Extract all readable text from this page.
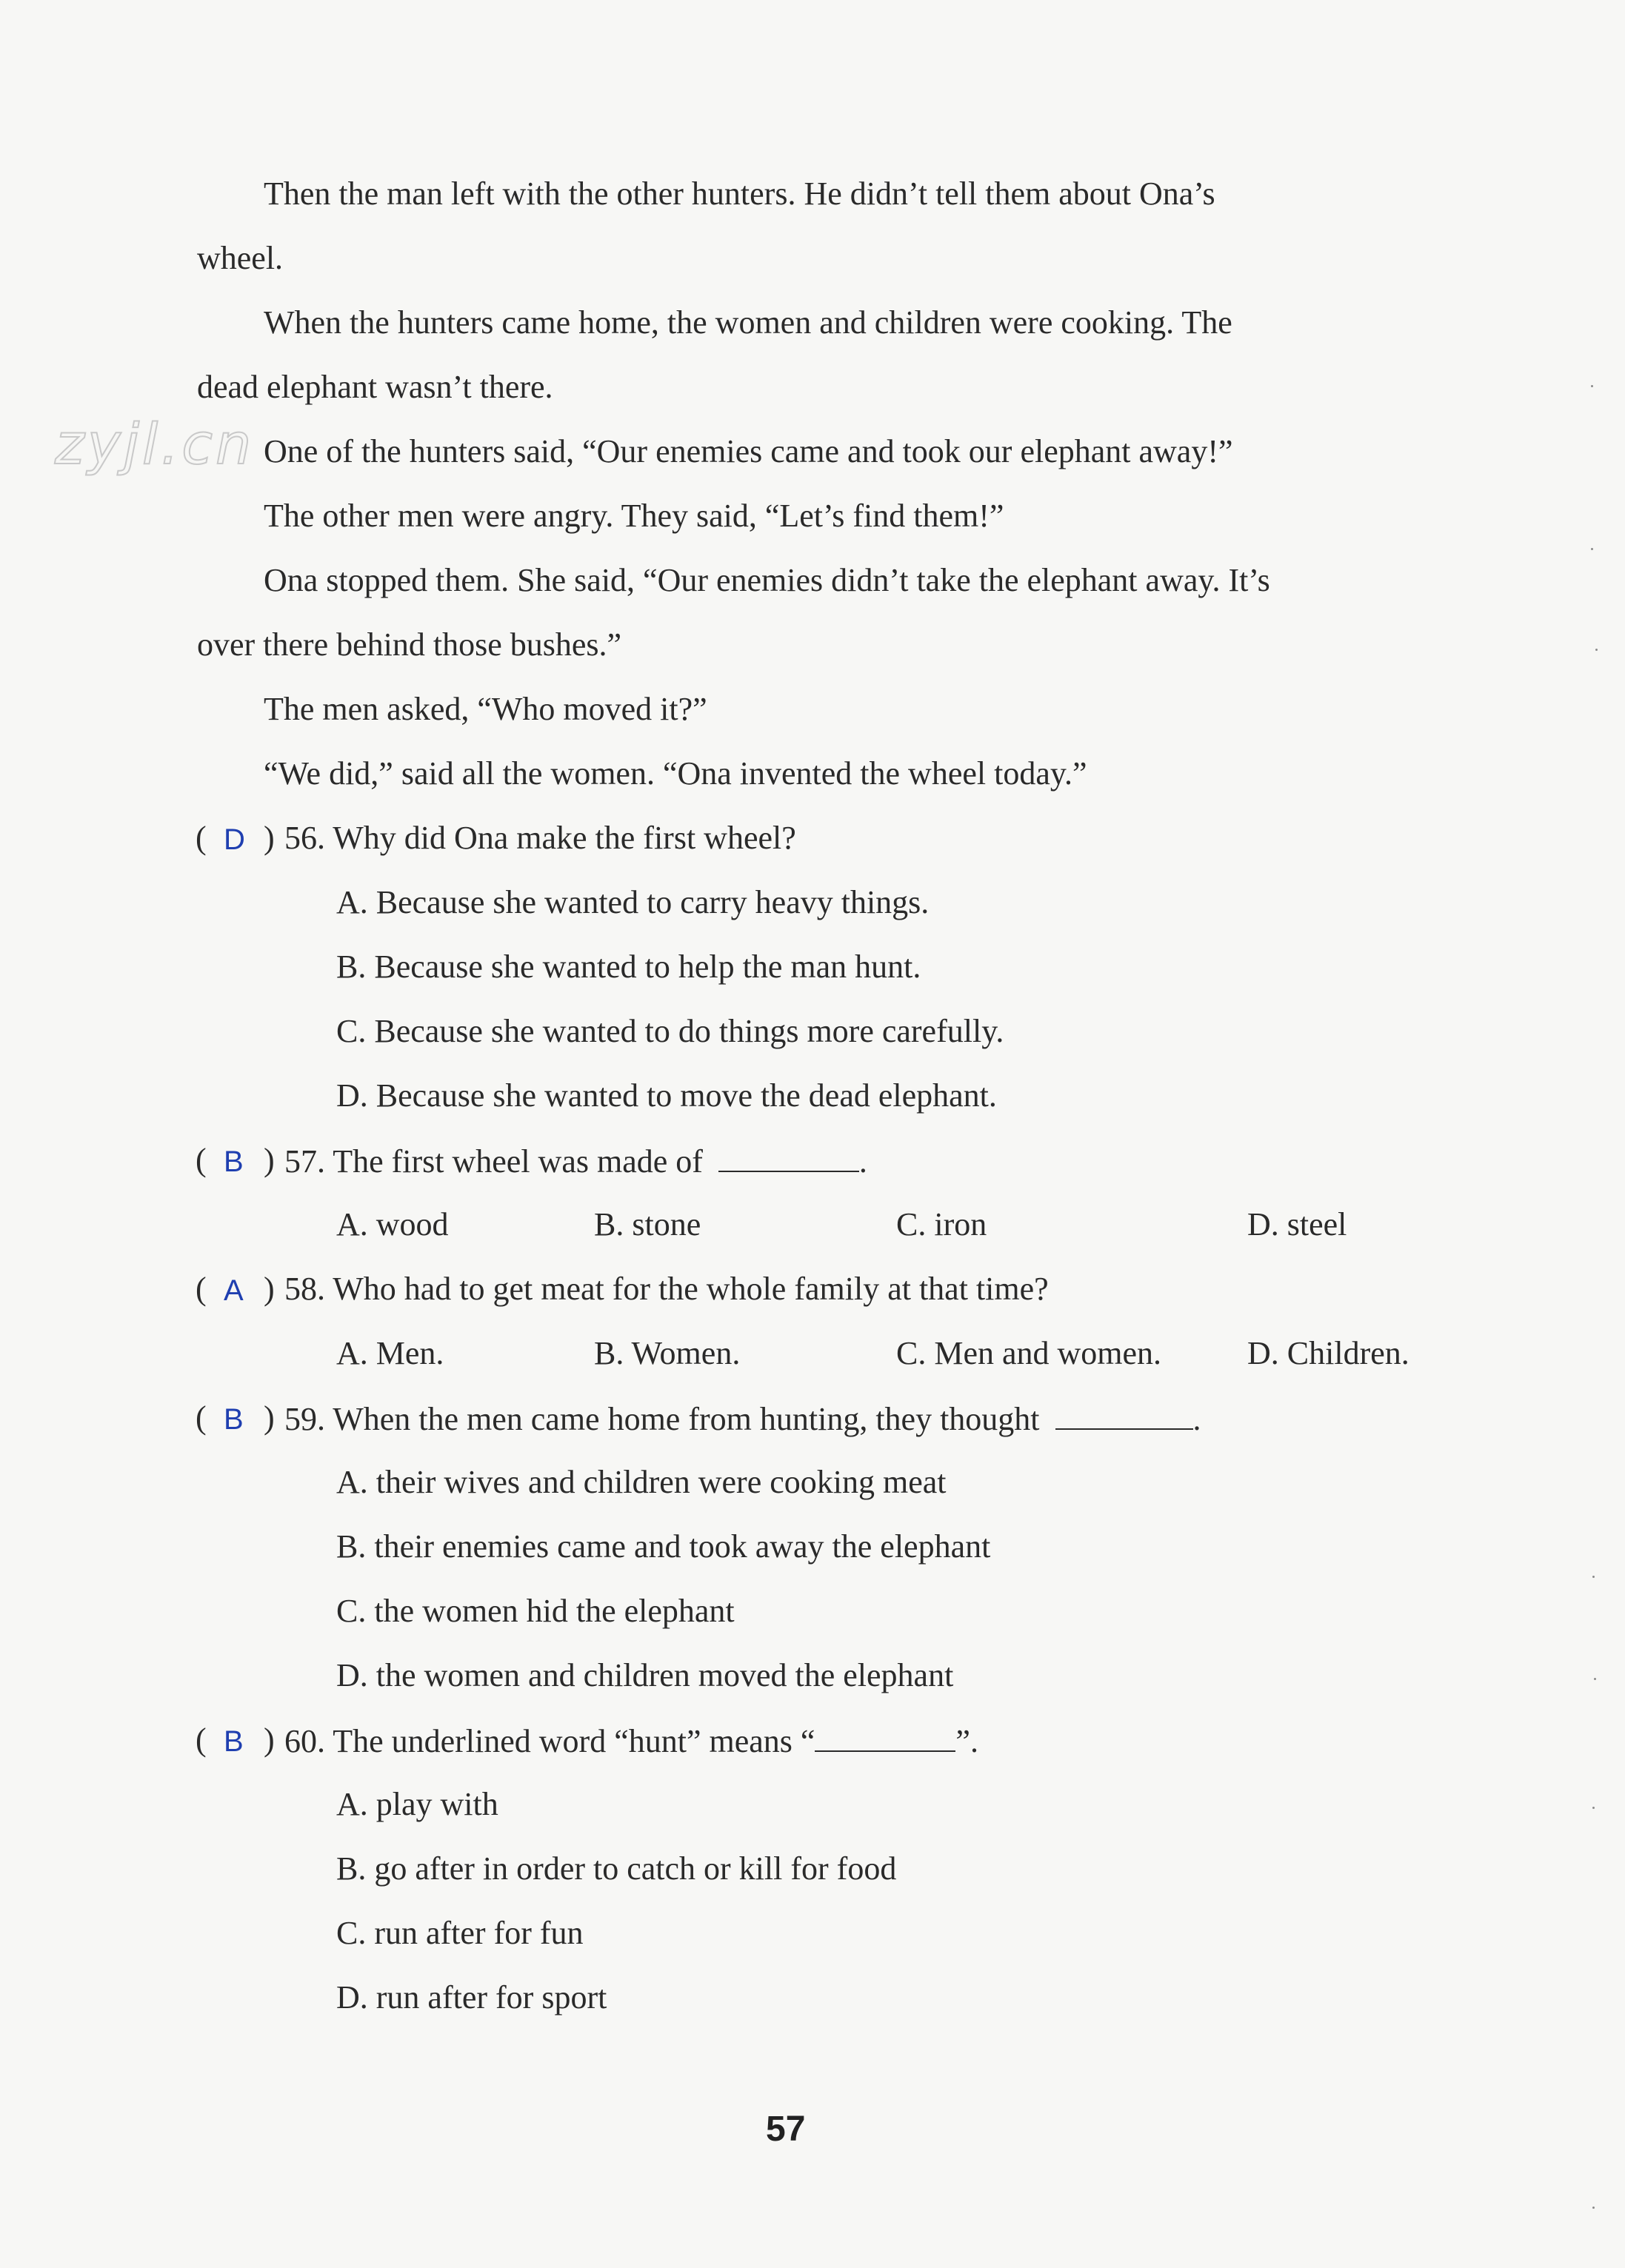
zyjl.cn
Then the man left with the other hunters. He didn’t tell them about Ona’s
wheel.
When the hunters came home, the women and children were cooking. The
dead elephant wasn’t there.
One of the hunters said, “Our enemies came and took our elephant away!”
The other men were angry. They said, “Let’s find them!”
Ona stopped them. She said, “Our enemies didn’t take the elephant away. It’s
over there behind those bushes.”
The men asked, “Who moved it?”
“We did,” said all the women. “Ona invented the wheel today.”
( D ) 56. Why did Ona make the first wheel?
A. Because she wanted to carry heavy things.
B. Because she wanted to help the man hunt.
C. Because she wanted to do things more carefully.
D. Because she wanted to move the dead elephant.
( B ) 57. The first wheel was made of	.
A. wood	B. stone	C. iron	D. steel
( A ) 58. Who had to get meat for the whole family at that time?
A. Men.	B. Women.	C. Men and women.	D. Children.
( B ) 59. When the men came home from hunting, they thought	.
A. their wives and children were cooking meat
B. their enemies came and took away the elephant
C. the women hid the elephant
D. the women and children moved the elephant
( B ) 60. The underlined word “hunt” means “	”.
A. play with
B. go after in order to catch or kill for food
C. run after for fun
D. run after for sport
57
